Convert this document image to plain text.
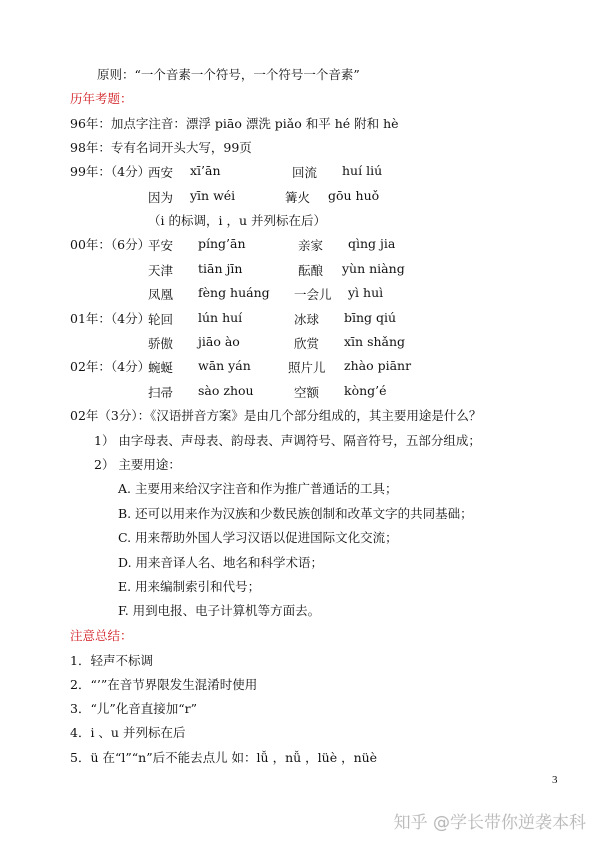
原则：“一个音素一个符号，一个符号一个音素”
历年考题：
96年：加点字注音：漂浮 piāo 漂洗 piǎo 和平 hé 附和 hè
98年：专有名词开头大写，99页
99年：（4分）
西安 xī’ān	回流 huí liú
因为 yīn wéi	篝火 gōu huǒ
（i 的标调，i ，u 并列标在后）
00年：（6分）
平安 píng’ān	亲家 qìng jia
天津 tiān jīn	酝酿 yùn niàng
凤凰 fèng huáng 一会儿 yì huì
01年：（4分）
轮回 lún huí	冰球 bīng qiú
骄傲 jiāo ào	欣赏 xīn shǎng
02年：（4分）
蜿蜒 wān yán	照片儿 zhào piānr
扫帚 sào zhou	空额 kòng’é
02年（3分）：《汉语拼音方案》是由几个部分组成的，其主要用途是什么？
1） 由字母表、声母表、韵母表、声调符号、隔音符号，五部分组成；
2） 主要用途：
A. 主要用来给汉字注音和作为推广普通话的工具；
B. 还可以用来作为汉族和少数民族创制和改革文字的共同基础；
C. 用来帮助外国人学习汉语以促进国际文化交流；
D. 用来音译人名、地名和科学术语；
E. 用来编制索引和代号；
F. 用到电报、电子计算机等方面去。
注意总结：
1．轻声不标调
2．“’”在音节界限发生混淆时使用
3．“儿”化音直接加“r”
4．i 、u 并列标在后
5．ü 在“l”“n”后不能去点儿 如：lǚ ，nǚ ，lüè ，nüè
3
知乎 @学长带你逆袭本科
